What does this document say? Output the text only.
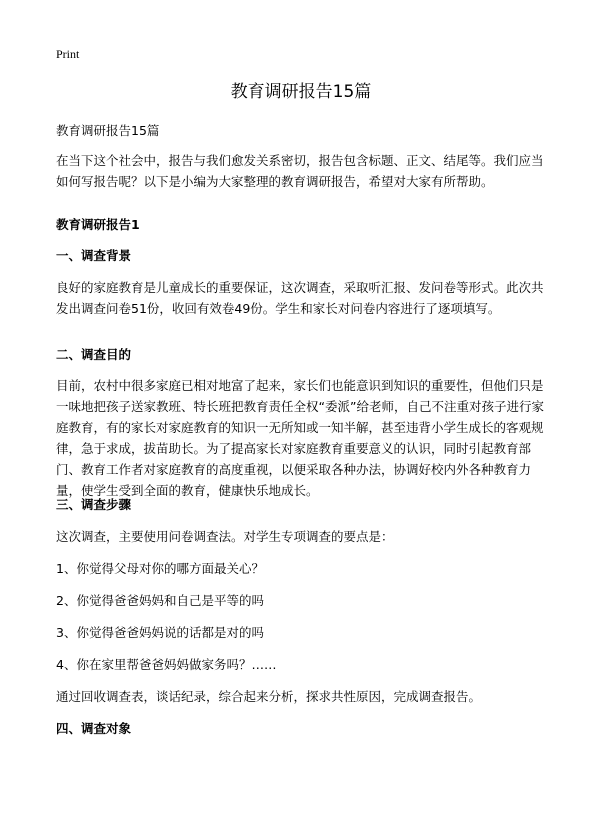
Print
教育调研报告15篇

教育调研报告15篇

在当下这个社会中，报告与我们愈发关系密切，报告包含标题、正文、结尾等。我们应当如何写报告呢？以下是小编为大家整理的教育调研报告，希望对大家有所帮助。

教育调研报告1

一、调查背景

良好的家庭教育是儿童成长的重要保证，这次调查，采取听汇报、发问卷等形式。此次共发出调查问卷51份，收回有效卷49份。学生和家长对问卷内容进行了逐项填写。

二、调查目的

目前，农村中很多家庭已相对地富了起来，家长们也能意识到知识的重要性，但他们只是一味地把孩子送家教班、特长班把教育责任全权“委派”给老师，自己不注重对孩子进行家庭教育，有的家长对家庭教育的知识一无所知或一知半解，甚至违背小学生成长的客观规律，急于求成，拔苗助长。为了提高家长对家庭教育重要意义的认识，同时引起教育部门、教育工作者对家庭教育的高度重视，以便采取各种办法，协调好校内外各种教育力量，使学生受到全面的教育，健康快乐地成长。

三、调查步骤

这次调查，主要使用问卷调查法。对学生专项调查的要点是：

1、你觉得父母对你的哪方面最关心？

2、你觉得爸爸妈妈和自己是平等的吗

3、你觉得爸爸妈妈说的话都是对的吗

4、你在家里帮爸爸妈妈做家务吗？……

通过回收调查表，谈话纪录，综合起来分析，探求共性原因，完成调查报告。

四、调查对象
